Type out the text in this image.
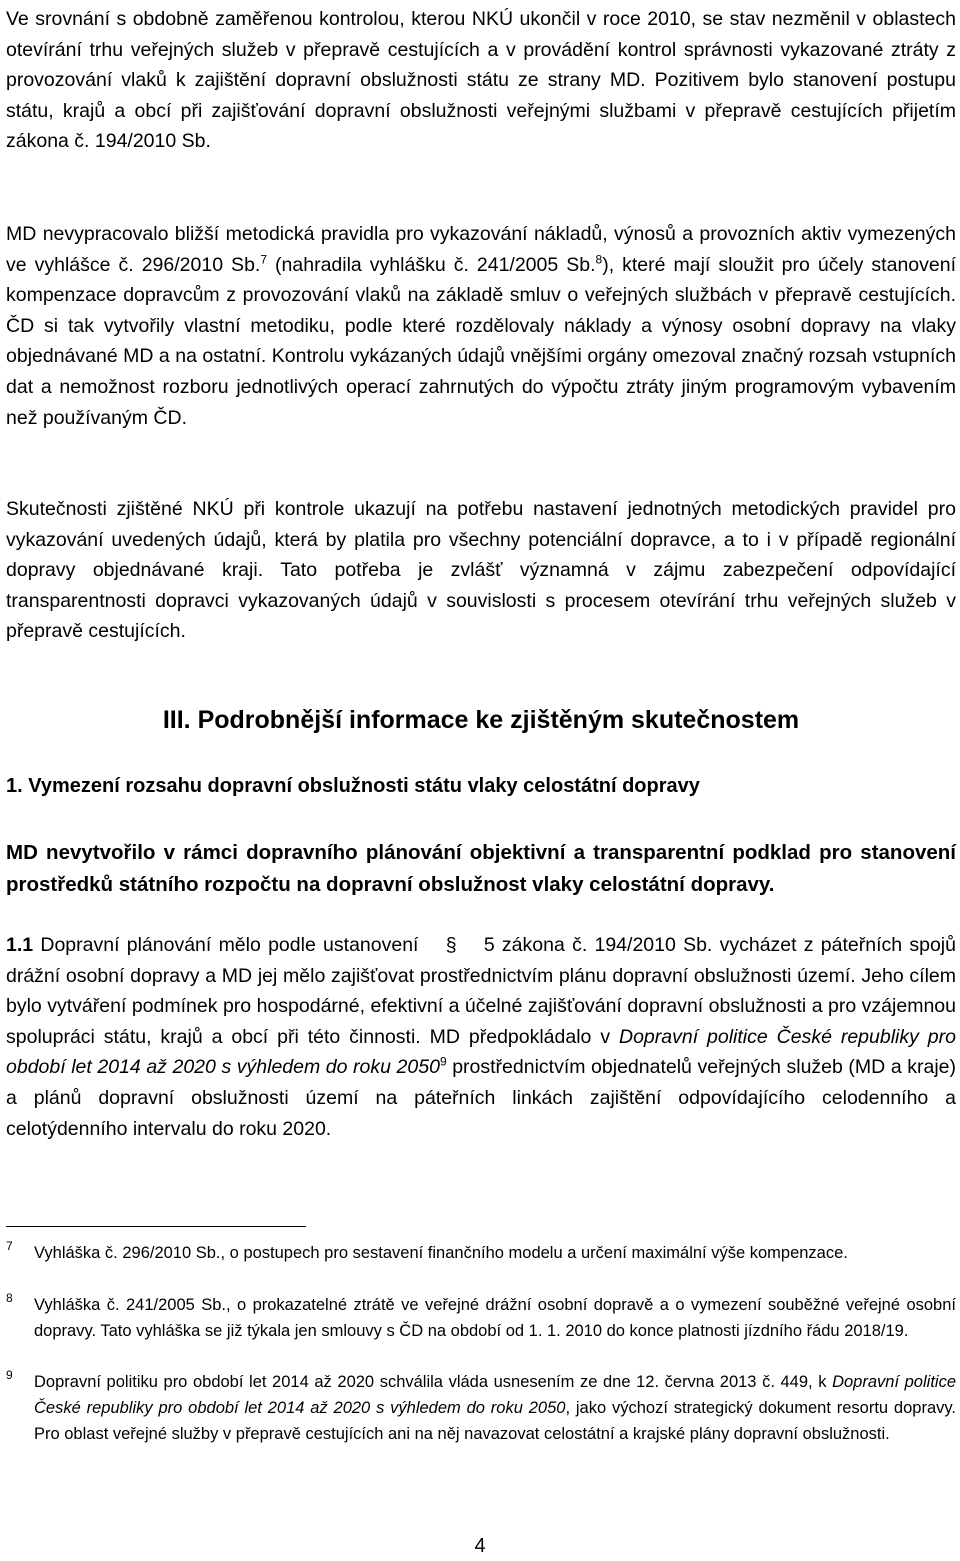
Ve srovnání s obdobně zaměřenou kontrolou, kterou NKÚ ukončil v roce 2010, se stav nezměnil v oblastech otevírání trhu veřejných služeb v přepravě cestujících a v provádění kontrol správnosti vykazované ztráty z provozování vlaků k zajištění dopravní obslužnosti státu ze strany MD. Pozitivem bylo stanovení postupu státu, krajů a obcí při zajišťování dopravní obslužnosti veřejnými službami v přepravě cestujících přijetím zákona č. 194/2010 Sb.

MD nevypracovalo bližší metodická pravidla pro vykazování nákladů, výnosů a provozních aktiv vymezených ve vyhlášce č. 296/2010 Sb.$^7$ (nahradila vyhlášku č. 241/2005 Sb.$^8$), které mají sloužit pro účely stanovení kompenzace dopravcům z provozování vlaků na základě smluv o veřejných službách v přepravě cestujících. ČD si tak vytvořily vlastní metodiku, podle které rozdělovaly náklady a výnosy osobní dopravy na vlaky objednávané MD a na ostatní. Kontrolu vykázaných údajů vnějšími orgány omezoval značný rozsah vstupních dat a nemožnost rozboru jednotlivých operací zahrnutých do výpočtu ztráty jiným programovým vybavením než používaným ČD.

Skutečnosti zjištěné NKÚ při kontrole ukazují na potřebu nastavení jednotných metodických pravidel pro vykazování uvedených údajů, která by platila pro všechny potenciální dopravce, a to i v případě regionální dopravy objednávané kraji. Tato potřeba je zvlášť významná v zájmu zabezpečení odpovídající transparentnosti dopravci vykazovaných údajů v souvislosti s procesem otevírání trhu veřejných služeb v přepravě cestujících.

III. Podrobnější informace ke zjištěným skutečnostem
1. Vymezení rozsahu dopravní obslužnosti státu vlaky celostátní dopravy

MD nevytvořilo v rámci dopravního plánování objektivní a transparentní podklad pro stanovení prostředků státního rozpočtu na dopravní obslužnost vlaky celostátní dopravy.

1.1 Dopravní plánování mělo podle ustanovení § 5 zákona č. 194/2010 Sb. vycházet z páteřních spojů drážní osobní dopravy a MD jej mělo zajišťovat prostřednictvím plánu dopravní obslužnosti území. Jeho cílem bylo vytváření podmínek pro hospodárné, efektivní a účelné zajišťování dopravní obslužnosti a pro vzájemnou spolupráci státu, krajů a obcí při této činnosti. MD předpokládalo v Dopravní politice České republiky pro období let 2014 až 2020 s výhledem do roku 2050$^9$ prostřednictvím objednatelů veřejných služeb (MD a kraje) a plánů dopravní obslužnosti území na páteřních linkách zajištění odpovídajícího celodenního a celotýdenního intervalu do roku 2020.

7 Vyhláška č. 296/2010 Sb., o postupech pro sestavení finančního modelu a určení maximální výše kompenzace.
8 Vyhláška č. 241/2005 Sb., o prokazatelné ztrátě ve veřejné drážní osobní dopravě a o vymezení souběžné veřejné osobní dopravy. Tato vyhláška se již týkala jen smlouvy s ČD na období od 1. 1. 2010 do konce platnosti jízdního řádu 2018/19.
9 Dopravní politiku pro období let 2014 až 2020 schválila vláda usnesením ze dne 12. června 2013 č. 449, k Dopravní politice České republiky pro období let 2014 až 2020 s výhledem do roku 2050, jako výchozí strategický dokument resortu dopravy. Pro oblast veřejné služby v přepravě cestujících ani na něj navazovat celostátní a krajské plány dopravní obslužnosti.
4
